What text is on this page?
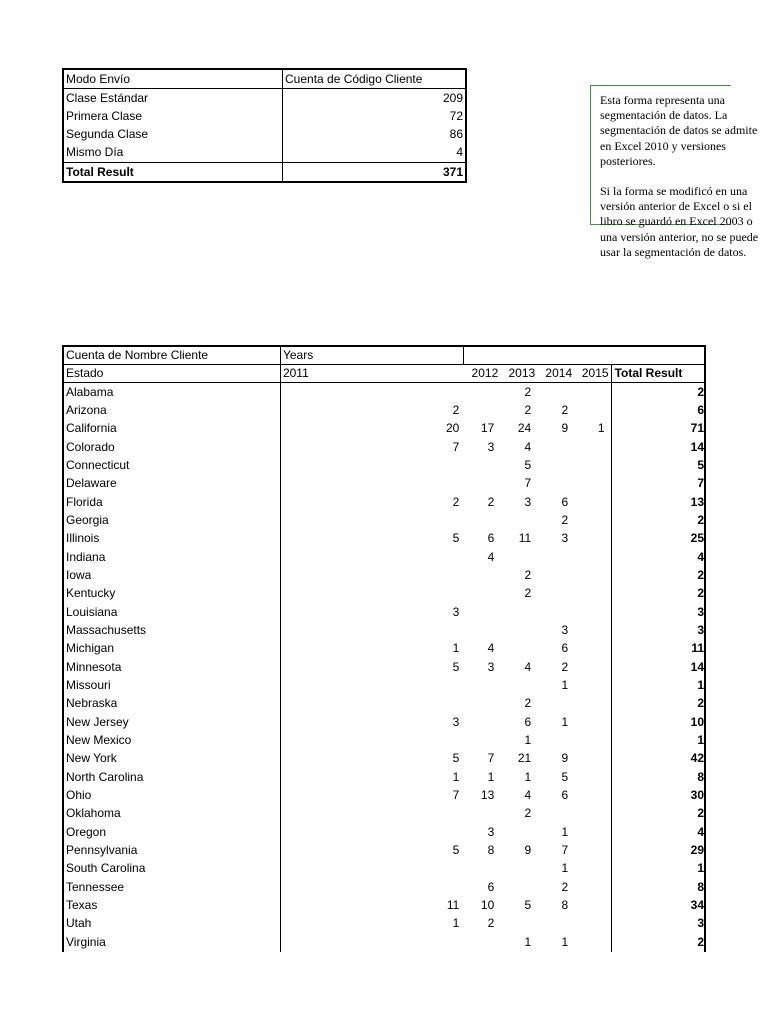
Modo Envío	Cuenta de Código Cliente
Clase Estándar	209
Primera Clase	72
Segunda Clase	86
Mismo Día	4
Total Result	371

Esta forma representa una segmentación de datos. La segmentación de datos se admite en Excel 2010 y versiones posteriores.

Si la forma se modificó en una versión anterior de Excel o si el libro se guardó en Excel 2003 o una versión anterior, no se puede usar la segmentación de datos.

Cuenta de Nombre Cliente	Years					
Estado	2011	2012	2013	2014	2015	Total Result
Alabama			2			2
Arizona	2		2	2		6
California	20	17	24	9	1	71
Colorado	7	3	4			14
Connecticut			5			5
Delaware			7			7
Florida	2	2	3	6		13
Georgia				2		2
Illinois	5	6	11	3		25
Indiana		4				4
Iowa			2			2
Kentucky			2			2
Louisiana	3					3
Massachusetts				3		3
Michigan	1	4		6		11
Minnesota	5	3	4	2		14
Missouri				1		1
Nebraska			2			2
New Jersey	3		6	1		10
New Mexico			1			1
New York	5	7	21	9		42
North Carolina	1	1	1	5		8
Ohio	7	13	4	6		30
Oklahoma			2			2
Oregon		3		1		4
Pennsylvania	5	8	9	7		29
South Carolina				1		1
Tennessee		6		2		8
Texas	11	10	5	8		34
Utah	1	2				3
Virginia			1	1		2
